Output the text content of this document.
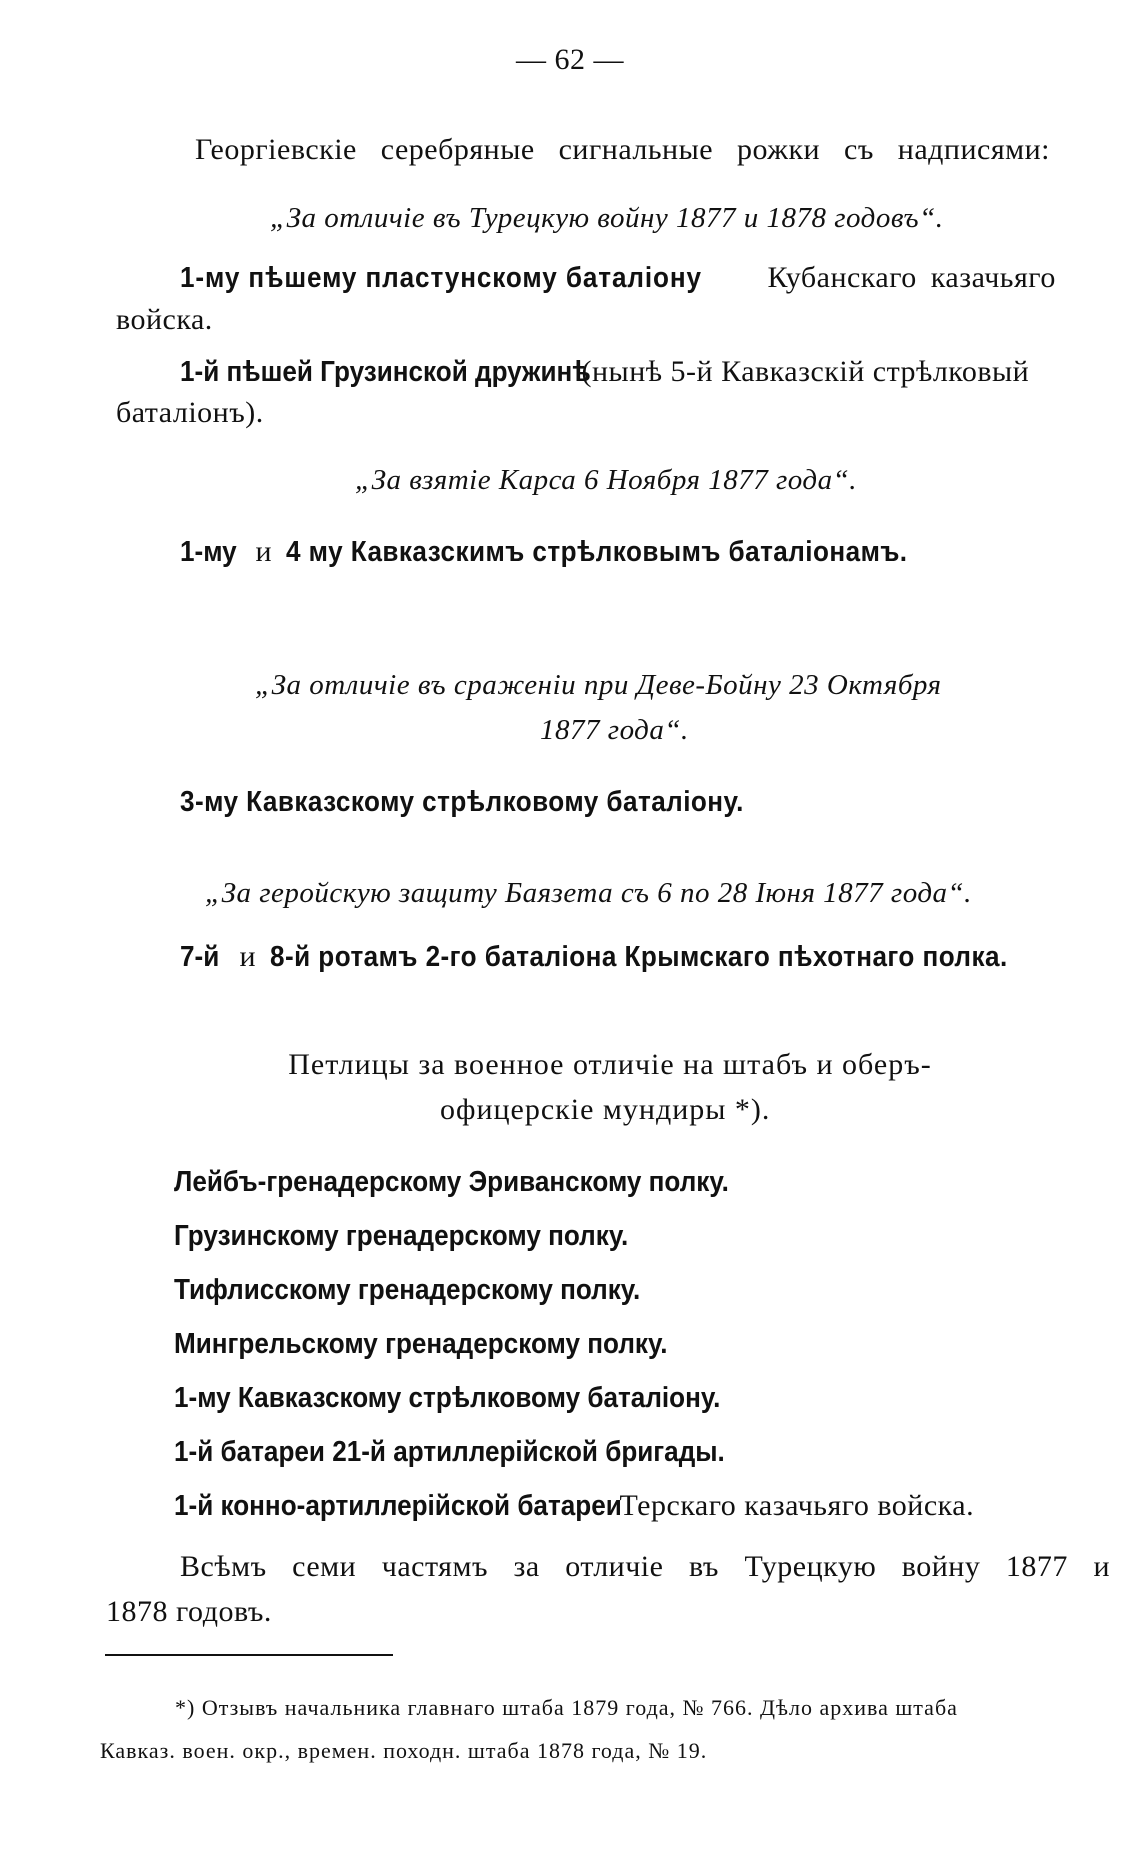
— 62 —
Георгіевскіе серебряные сигнальные рожки съ надписями:
„За отличіе въ Турецкую войну 1877 и 1878 годовъ“.
1-му пѣшему пластунскому баталіону Кубанскаго казачьяго
войска.
1-й пѣшей Грузинской дружинѣ (нынѣ 5-й Кавказскій стрѣлковый
баталіонъ).
„За взятіе Карса 6 Ноября 1877 года“.
1-му и 4 му Кавказскимъ стрѣлковымъ баталіонамъ.
„За отличіе въ сраженіи при Деве-Бойну 23 Октября
1877 года“.
3-му Кавказскому стрѣлковому баталіону.
„За геройскую защиту Баязета съ 6 по 28 Іюня 1877 года“.
7-й и 8-й ротамъ 2-го баталіона Крымскаго пѣхотнаго полка.
Петлицы за военное отличіе на штабъ и оберъ-
офицерскіе мундиры *).
Лейбъ-гренадерскому Эриванскому полку.
Грузинскому гренадерскому полку.
Тифлисскому гренадерскому полку.
Мингрельскому гренадерскому полку.
1-му Кавказскому стрѣлковому баталіону.
1-й батареи 21-й артиллерійской бригады.
1-й конно-артиллерійской батареи Терскаго казачьяго войска.
Всѣмъ семи частямъ за отличіе въ Турецкую войну 1877 и
1878 годовъ.
*) Отзывъ начальника главнаго штаба 1879 года, № 766. Дѣло архива штаба
Кавказ. воен. окр., времен. походн. штаба 1878 года, № 19.
